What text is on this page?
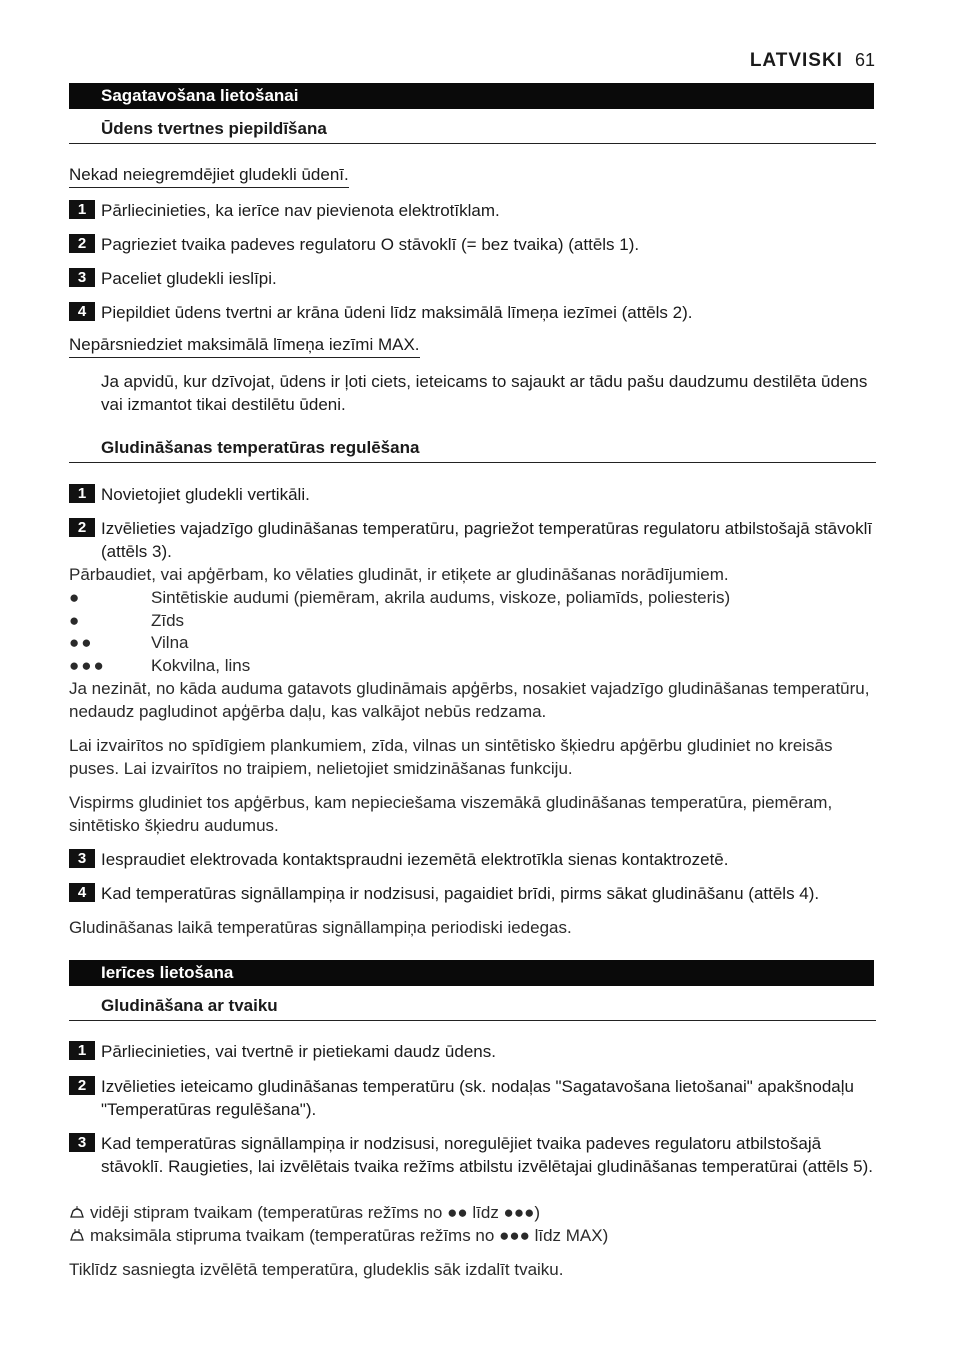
LATVISKI 61
Sagatavošana lietošanai
Ūdens tvertnes piepildīšana
Nekad neiegremdējiet gludekli ūdenī.
1 Pārliecinieties, ka ierīce nav pievienota elektrotīklam.
2 Pagrieziet tvaika padeves regulatoru O stāvoklī (= bez tvaika) (attēls 1).
3 Paceliet gludekli ieslīpi.
4 Piepildiet ūdens tvertni ar krāna ūdeni līdz maksimālā līmeņa iezīmei (attēls 2).
Nepārsniedziet maksimālā līmeņa iezīmi MAX.
Ja apvidū, kur dzīvojat, ūdens ir ļoti ciets, ieteicams to sajaukt ar tādu pašu daudzumu destilēta ūdens vai izmantot tikai destilētu ūdeni.
Gludināšanas temperatūras regulēšana
1 Novietojiet gludekli vertikāli.
2 Izvēlieties vajadzīgo gludināšanas temperatūru, pagriežot temperatūras regulatoru atbilstošajā stāvoklī (attēls 3).
Pārbaudiet, vai apģērbam, ko vēlaties gludināt, ir etiķete ar gludināšanas norādījumiem.
●	Sintētiskie audumi (piemēram, akrila audums, viskoze, poliamīds, poliesteris)
●	Zīds
●●	Vilna
●●●	Kokvilna, lins
Ja nezināt, no kāda auduma gatavots gludināmais apģērbs, nosakiet vajadzīgo gludināšanas temperatūru, nedaudz pagludinot apģērba daļu, kas valkājot nebūs redzama.
Lai izvairītos no spīdīgiem plankumiem, zīda, vilnas un sintētisko šķiedru apģērbu gludiniet no kreisās puses. Lai izvairītos no traipiem, nelietojiet smidzināšanas funkciju.
Vispirms gludiniet tos apģērbus, kam nepieciešama viszemākā gludināšanas temperatūra, piemēram, sintētisko šķiedru audumus.
3 Iespraudiet elektrovada kontaktspraudni iezemētā elektrotīkla sienas kontaktrozetē.
4 Kad temperatūras signāllampiņa ir nodzisusi, pagaidiet brīdi, pirms sākat gludināšanu (attēls 4).
Gludināšanas laikā temperatūras signāllampiņa periodiski iedegas.
Ierīces lietošana
Gludināšana ar tvaiku
1 Pārliecinieties, vai tvertnē ir pietiekami daudz ūdens.
2 Izvēlieties ieteicamo gludināšanas temperatūru (sk. nodaļas "Sagatavošana lietošanai" apakšnodaļu "Temperatūras regulēšana").
3 Kad temperatūras signāllampiņa ir nodzisusi, noregulējiet tvaika padeves regulatoru atbilstošajā stāvoklī. Raugieties, lai izvēlētais tvaika režīms atbilstu izvēlētajai gludināšanas temperatūrai (attēls 5).
vidēji stipram tvaikam (temperatūras režīms no ●● līdz ●●●)
maksimāla stipruma tvaikam (temperatūras režīms no ●●● līdz MAX)
Tiklīdz sasniegta izvēlētā temperatūra, gludeklis sāk izdalīt tvaiku.
